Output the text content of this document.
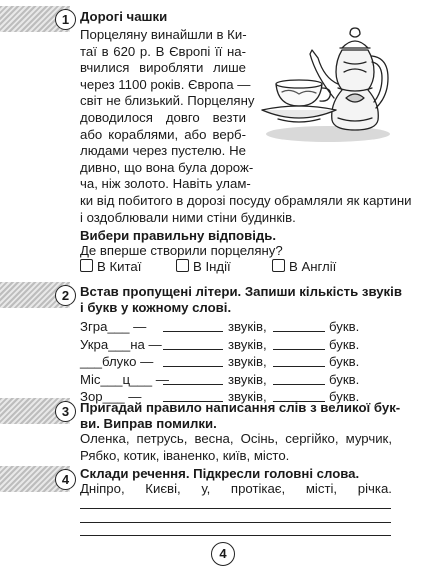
1 Дорогі чашки
Порцеляну винайшли в Ки-
таї в 620 р. В Європі її на-
вчилися виробляти лише
через 1100 років. Європа —
світ не близький. Порцеляну
доводилося довго везти
або кораблями, або верб-
людами через пустелю. Не
дивно, що вона була дорож-
ча, ніж золото. Навіть улам-
ки від побитого в дорозі посуду обрамляли як картини
і оздоблювали ними стіни будинків.
Вибери правильну відповідь.
Де вперше створили порцеляну?
В Китаї	В Індії	В Англії
2 Встав пропущені літери. Запиши кількість звуків
і букв у кожному слові.
Згра___ —	звуків,	букв.
Укра___на —	звуків,	букв.
___блуко —	звуків,	букв.
Міс___ц___ —	звуків,	букв.
Зор___ —	звуків,	букв.
3 Пригадай правило написання слів з великої бук-
ви. Виправ помилки.
Оленка, петрусь, весна, Осінь, сергійко, мурчик,
Рябко, котик, іваненко, київ, місто.
4 Склади речення. Підкресли головні слова.
Дніпро, Києві, у, протікає, місті, річка.
4
